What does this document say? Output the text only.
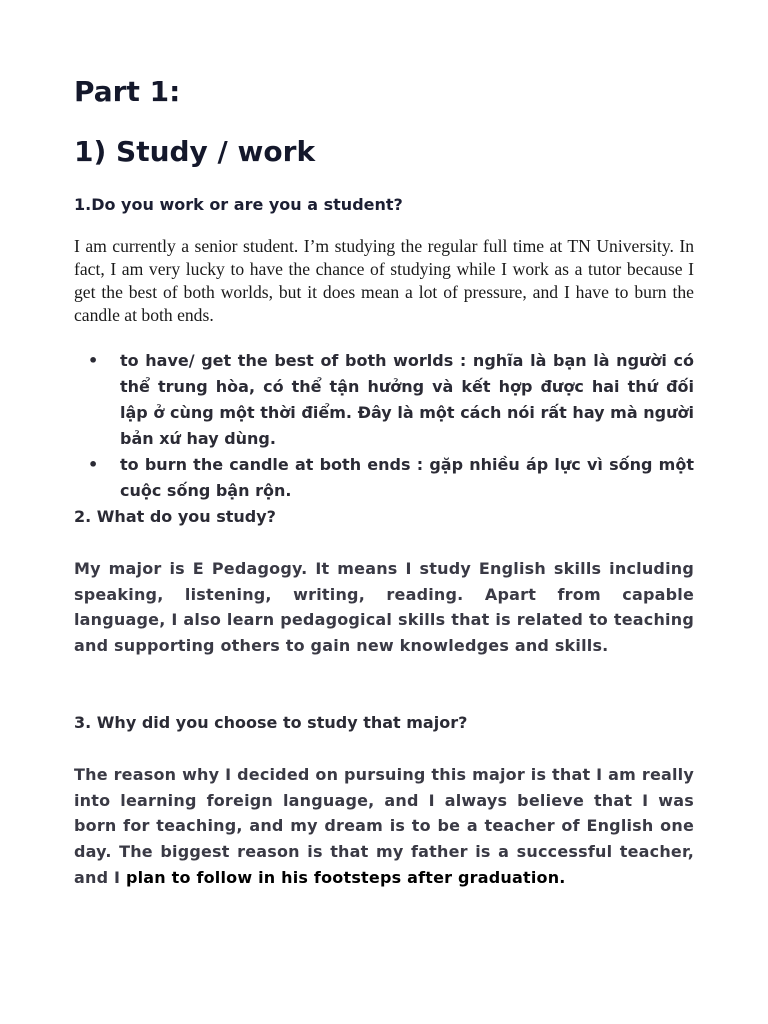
Part 1:
1) Study / work
1.Do you work or are you a student?

I am currently a senior student. I’m studying the regular full time at TN University. In fact, I am very lucky to have the chance of studying while I work as a tutor because I get the best of both worlds, but it does mean a lot of pressure, and I have to burn the candle at both ends.

• to have/ get the best of both worlds : nghĩa là bạn là người có thể trung hòa, có thể tận hưởng và kết hợp được hai thứ đối lập ở cùng một thời điểm. Đây là một cách nói rất hay mà người bản xứ hay dùng.
• to burn the candle at both ends : gặp nhiều áp lực vì sống một cuộc sống bận rộn.
2. What do you study?

My major is E Pedagogy. It means I study English skills including speaking, listening, writing, reading. Apart from capable language, I also learn pedagogical skills that is related to teaching and supporting others to gain new knowledges and skills.

3. Why did you choose to study that major?

The reason why I decided on pursuing this major is that I am really into learning foreign language, and I always believe that I was born for teaching, and my dream is to be a teacher of English one day. The biggest reason is that my father is a successful teacher, and I plan to follow in his footsteps after graduation.
